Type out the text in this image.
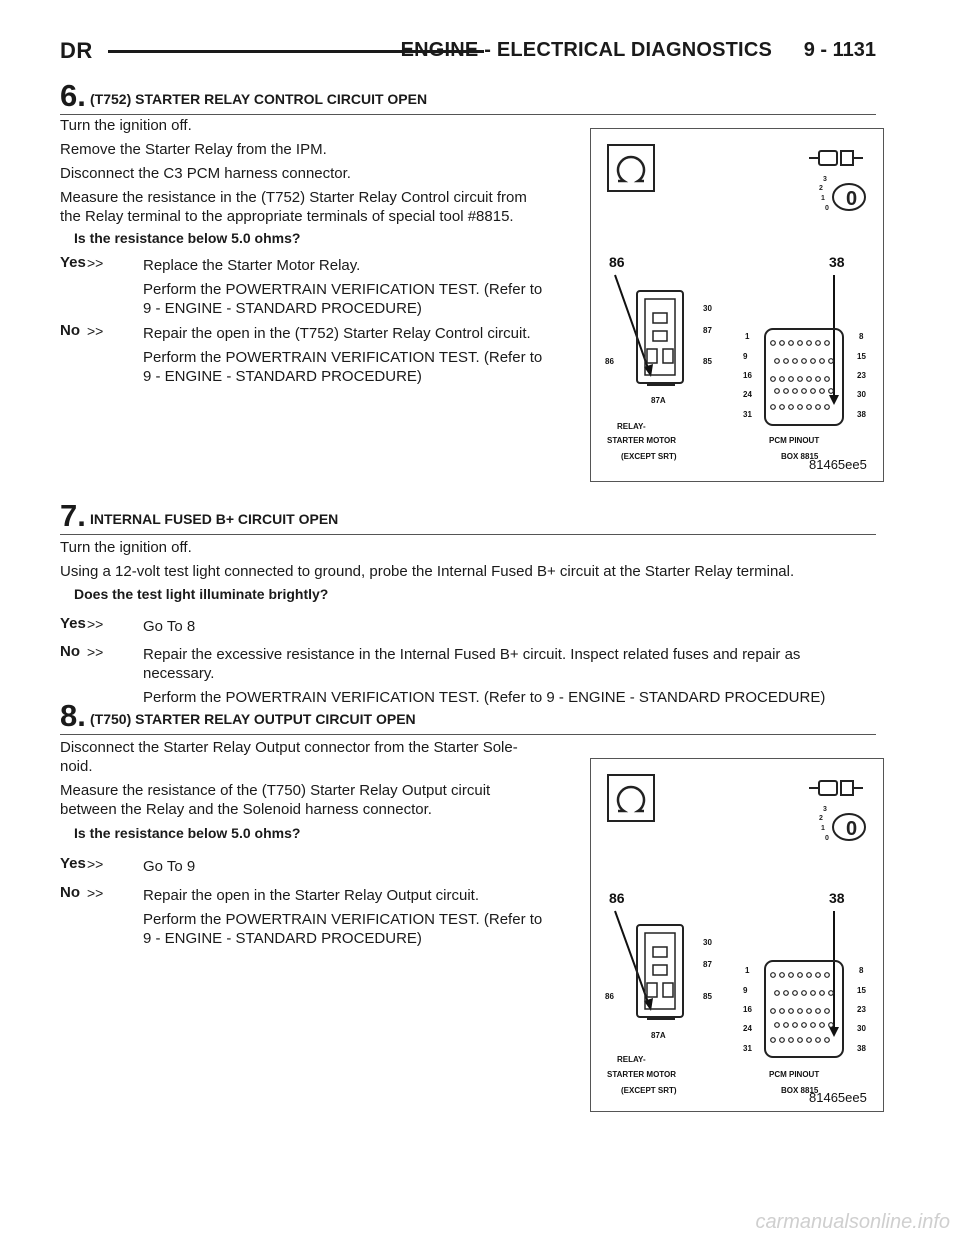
DR	ENGINE - ELECTRICAL DIAGNOSTICS 9 - 1131
6. (T752) STARTER RELAY CONTROL CIRCUIT OPEN
Turn the ignition off.
Remove the Starter Relay from the IPM.
Disconnect the C3 PCM harness connector.
Measure the resistance in the (T752) Starter Relay Control circuit from
the Relay terminal to the appropriate terminals of special tool #8815.
Is the resistance below 5.0 ohms?
Yes >>	Replace the Starter Motor Relay.
Perform the POWERTRAIN VERIFICATION TEST. (Refer to
9 - ENGINE - STANDARD PROCEDURE)
No >>	Repair the open in the (T752) Starter Relay Control circuit.
Perform the POWERTRAIN VERIFICATION TEST. (Refer to
9 - ENGINE - STANDARD PROCEDURE)
0
3
2
1
0
86	38
30
87
85
86
87A
1
9
16
24
31
8
15
23
30
38
RELAY-
STARTER MOTOR
(EXCEPT SRT)
PCM PINOUT
BOX 8815
81465ee5
7. INTERNAL FUSED B+ CIRCUIT OPEN
Turn the ignition off.
Using a 12-volt test light connected to ground, probe the Internal Fused B+ circuit at the Starter Relay terminal.
Does the test light illuminate brightly?
Yes >>	Go To 8
No >>	Repair the excessive resistance in the Internal Fused B+ circuit. Inspect related fuses and repair as
necessary.
Perform the POWERTRAIN VERIFICATION TEST. (Refer to 9 - ENGINE - STANDARD PROCEDURE)
8. (T750) STARTER RELAY OUTPUT CIRCUIT OPEN
Disconnect the Starter Relay Output connector from the Starter Sole-
noid.
Measure the resistance of the (T750) Starter Relay Output circuit
between the Relay and the Solenoid harness connector.
Is the resistance below 5.0 ohms?
Yes >>	Go To 9
No >>	Repair the open in the Starter Relay Output circuit.
Perform the POWERTRAIN VERIFICATION TEST. (Refer to
9 - ENGINE - STANDARD PROCEDURE)
0
3
2
1
0
86	38
30
87
85
86
87A
1
9
16
24
31
8
15
23
30
38
RELAY-
STARTER MOTOR
(EXCEPT SRT)
PCM PINOUT
BOX 8815
81465ee5
carmanualsonline.info
